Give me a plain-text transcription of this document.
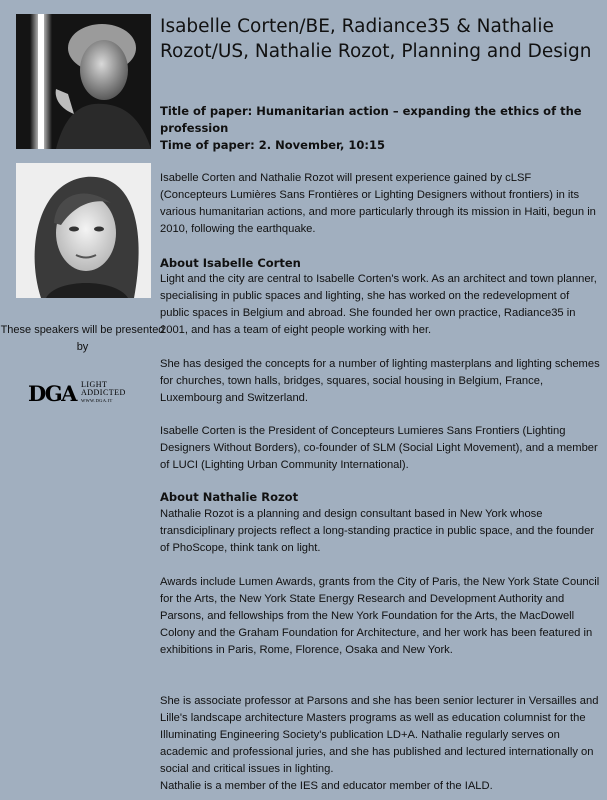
These speakers will be presented by
DGA LIGHT
ADDICTED
WWW.DGA.IT
Isabelle Corten/BE, Radiance35 & Nathalie Rozot/US, Nathalie Rozot, Planning and Design
Title of paper: Humanitarian action – expanding the ethics of the profession
Time of paper: 2. November, 10:15
Isabelle Corten and Nathalie Rozot will present experience gained by cLSF (Concepteurs Lumières Sans Frontières or Lighting Designers without frontiers) in its various humanitarian actions, and more particularly through its mission in Haiti, begun in 2010, following the earthquake.
About Isabelle Corten
Light and the city are central to Isabelle Corten's work. As an architect and town planner, specialising in public spaces and lighting, she has worked on the redevelopment of public spaces in Belgium and abroad. She founded her own practice, Radiance35 in 2001, and has a team of eight people working with her.
She has desiged the concepts for a number of lighting masterplans and lighting schemes for churches, town halls, bridges, squares, social housing in Belgium, France, Luxembourg and Switzerland.
Isabelle Corten is the President of Concepteurs Lumieres Sans Frontiers (Lighting Designers Without Borders), co-founder of SLM (Social Light Movement), and a member of LUCI (Lighting Urban Community International).
About Nathalie Rozot
Nathalie Rozot is a planning and design consultant based in New York whose transdiciplinary projects reflect a long-standing practice in public space, and the founder of PhoScope, think tank on light.
Awards include Lumen Awards, grants from the City of Paris, the New York State Council for the Arts, the New York State Energy Research and Development Authority and Parsons, and fellowships from the New York Foundation for the Arts, the MacDowell Colony and the Graham Foundation for Architecture, and her work has been featured in exhibitions in Paris, Rome, Florence, Osaka and New York.
She is associate professor at Parsons and she has been senior lecturer in Versailles and Lille's landscape architecture Masters programs as well as education columnist for the Illuminating Engineering Society's publication LD+A. Nathalie regularly serves on academic and professional juries, and she has published and lectured internationally on social and critical issues in lighting.
Nathalie is a member of the IES and educator member of the IALD.
